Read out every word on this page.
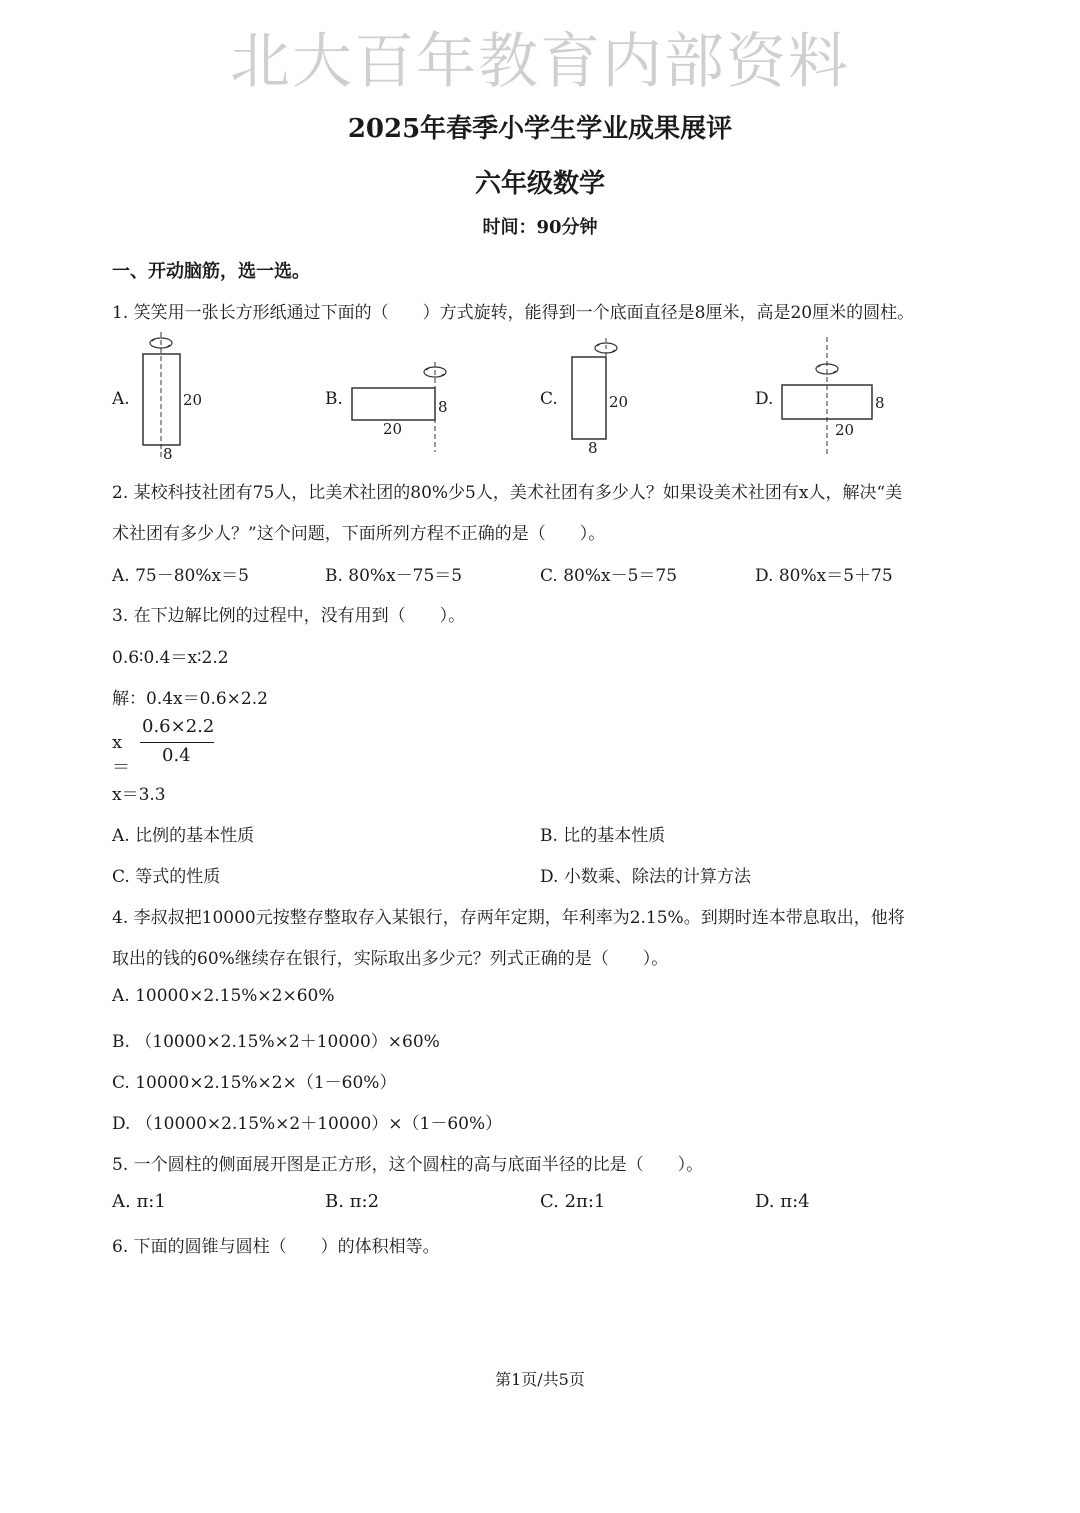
北大百年教育内部资料
2025年春季小学生学业成果展评
六年级数学
时间：90分钟
一、开动脑筋，选一选。
1. 笑笑用一张长方形纸通过下面的（　　）方式旋转，能得到一个底面直径是8厘米，高是20厘米的圆柱。
A.	20
8
B.	8
20
C.	20
8
D.	8
20
2. 某校科技社团有75人，比美术社团的80%少5人，美术社团有多少人？如果设美术社团有x人，解决“美
术社团有多少人？”这个问题，下面所列方程不正确的是（　　）。
A. 75－80%x＝5	B. 80%x－75＝5	C. 80%x－5＝75	D. 80%x＝5＋75
3. 在下边解比例的过程中，没有用到（　　）。
0.6∶0.4＝x∶2.2
解：0.4x＝0.6×2.2
x＝
0.6×2.2
0.4
x＝3.3
A. 比例的基本性质	B. 比的基本性质
C. 等式的性质	D. 小数乘、除法的计算方法
4. 李叔叔把10000元按整存整取存入某银行，存两年定期，年利率为2.15%。到期时连本带息取出，他将
取出的钱的60%继续存在银行，实际取出多少元？列式正确的是（　　）。
A. 10000×2.15%×2×60%
B. （10000×2.15%×2＋10000）×60%
C. 10000×2.15%×2×（1－60%）
D. （10000×2.15%×2＋10000）×（1－60%）
5. 一个圆柱的侧面展开图是正方形，这个圆柱的高与底面半径的比是（　　）。
A. π:1	B. π:2	C. 2π:1	D. π:4
6. 下面的圆锥与圆柱（　　）的体积相等。
第1页/共5页
